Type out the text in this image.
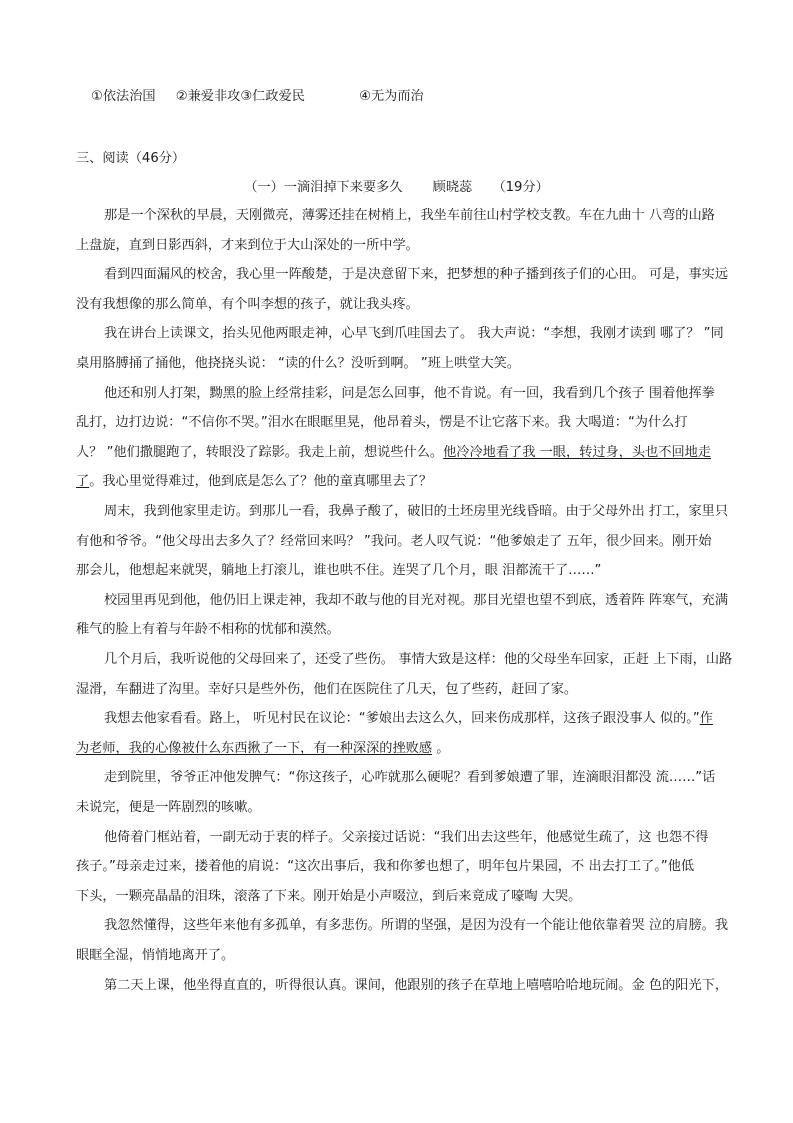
①依法治国 ②兼爱非攻③仁政爱民	④无为而治
三、阅读（46分）
（一）一滴泪掉下来要多久 顾晓蕊 （19分）
那是一个深秋的早晨，天刚微亮，薄雾还挂在树梢上，我坐车前往山村学校支教。车在九曲十 八弯的山路
上盘旋，直到日影西斜，才来到位于大山深处的一所中学。
看到四面漏风的校舍，我心里一阵酸楚，于是决意留下来，把梦想的种子播到孩子们的心田。 可是，事实远
没有我想像的那么简单，有个叫李想的孩子，就让我头疼。
我在讲台上读课文，抬头见他两眼走神，心早飞到爪哇国去了。 我大声说：“李想，我刚才读到 哪了？ ”同
桌用胳膊捅了捅他，他挠挠头说： “读的什么？没听到啊。 ”班上哄堂大笑。
他还和别人打架，黝黑的脸上经常挂彩，问是怎么回事，他不肯说。有一回，我看到几个孩子 围着他挥拳
乱打，边打边说：“不信你不哭。”泪水在眼眶里晃，他昂着头，愣是不让它落下来。我 大喝道：“为什么打
人？ ”他们撒腿跑了，转眼没了踪影。我走上前，想说些什么。他冷冷地看了我 一眼，转过身，头也不回地走
了。我心里觉得难过，他到底是怎么了？他的童真哪里去了？
周末，我到他家里走访。到那儿一看，我鼻子酸了，破旧的土坯房里光线昏暗。由于父母外出 打工，家里只
有他和爷爷。“他父母出去多久了？经常回来吗？ ”我问。老人叹气说：“他爹娘走了 五年，很少回来。刚开始
那会儿，他想起来就哭，躺地上打滚儿，谁也哄不住。连哭了几个月，眼 泪都流干了……”
校园里再见到他，他仍旧上课走神，我却不敢与他的目光对视。那目光望也望不到底，透着阵 阵寒气，充满
稚气的脸上有着与年龄不相称的忧郁和漠然。
几个月后，我听说他的父母回来了，还受了些伤。 事情大致是这样：他的父母坐车回家，正赶 上下雨，山路
湿滑，车翻进了沟里。幸好只是些外伤，他们在医院住了几天，包了些药，赶回了家。
我想去他家看看。路上， 听见村民在议论：“爹娘出去这么久，回来伤成那样，这孩子跟没事人 似的。”作
为老师，我的心像被什么东西揪了一下，有一种深深的挫败感 。
走到院里，爷爷正冲他发脾气：“你这孩子，心咋就那么硬呢？看到爹娘遭了罪，连滴眼泪都没 流……”话
未说完，便是一阵剧烈的咳嗽。
他倚着门框站着，一副无动于衷的样子。父亲接过话说：“我们出去这些年，他感觉生疏了，这 也怨不得
孩子。”母亲走过来，搂着他的肩说：“这次出事后，我和你爹也想了，明年包片果园，不 出去打工了。”他低
下头，一颗亮晶晶的泪珠，滚落了下来。刚开始是小声啜泣，到后来竟成了嚎啕 大哭。
我忽然懂得，这些年来他有多孤单，有多悲伤。所谓的坚强，是因为没有一个能让他依靠着哭 泣的肩膀。我
眼眶全湿，悄悄地离开了。
第二天上课，他坐得直直的，听得很认真。课间，他跟别的孩子在草地上嘻嘻哈哈地玩闹。金 色的阳光下，
